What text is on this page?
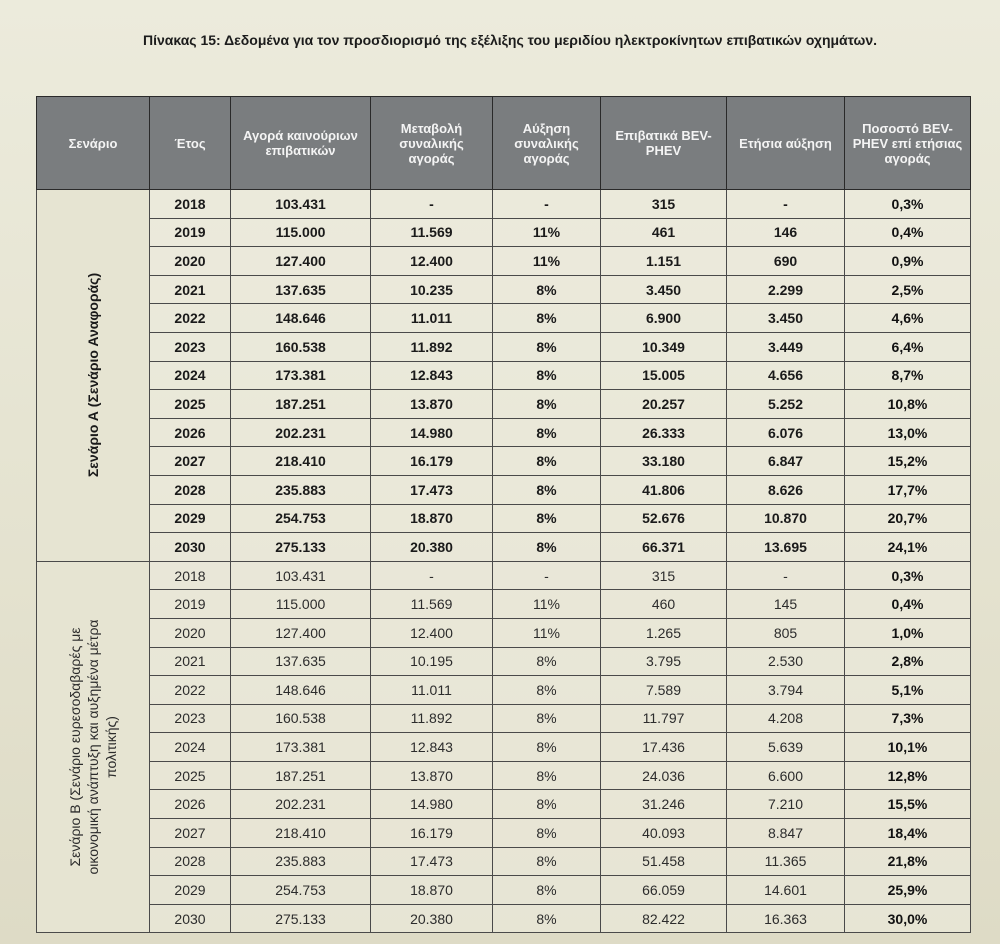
Πίνακας 15: Δεδομένα για τον προσδιορισμό της εξέλιξης του μεριδίου ηλεκτροκίνητων επιβατικών οχημάτων.
Σενάριο	Έτος	Αγορά καινούριων επιβατικών	Μεταβολή συναλικής αγοράς	Αύξηση συναλικής αγοράς	Επιβατικά BEV-PHEV	Ετήσια αύξηση	Ποσοστό BEV-PHEV επί ετήσιας αγοράς

Σενάριο Α (Σενάριο Αναφοράς)	2018	103.431	-	-	315	-	0,3%
	2019	115.000	11.569	11%	461	146	0,4%
	2020	127.400	12.400	11%	1.151	690	0,9%
	2021	137.635	10.235	8%	3.450	2.299	2,5%
	2022	148.646	11.011	8%	6.900	3.450	4,6%
	2023	160.538	11.892	8%	10.349	3.449	6,4%
	2024	173.381	12.843	8%	15.005	4.656	8,7%
	2025	187.251	13.870	8%	20.257	5.252	10,8%
	2026	202.231	14.980	8%	26.333	6.076	13,0%
	2027	218.410	16.179	8%	33.180	6.847	15,2%
	2028	235.883	17.473	8%	41.806	8.626	17,7%
	2029	254.753	18.870	8%	52.676	10.870	20,7%
	2030	275.133	20.380	8%	66.371	13.695	24,1%

Σενάριο Β (Σενάριο ευρεσοδαβαρές με οικονομική ανάπτυξη και αυξημένα μέτρα πολιτικής)	2018	103.431	-	-	315	-	0,3%
	2019	115.000	11.569	11%	460	145	0,4%
	2020	127.400	12.400	11%	1.265	805	1,0%
	2021	137.635	10.195	8%	3.795	2.530	2,8%
	2022	148.646	11.011	8%	7.589	3.794	5,1%
	2023	160.538	11.892	8%	11.797	4.208	7,3%
	2024	173.381	12.843	8%	17.436	5.639	10,1%
	2025	187.251	13.870	8%	24.036	6.600	12,8%
	2026	202.231	14.980	8%	31.246	7.210	15,5%
	2027	218.410	16.179	8%	40.093	8.847	18,4%
	2028	235.883	17.473	8%	51.458	11.365	21,8%
	2029	254.753	18.870	8%	66.059	14.601	25,9%
	2030	275.133	20.380	8%	82.422	16.363	30,0%
